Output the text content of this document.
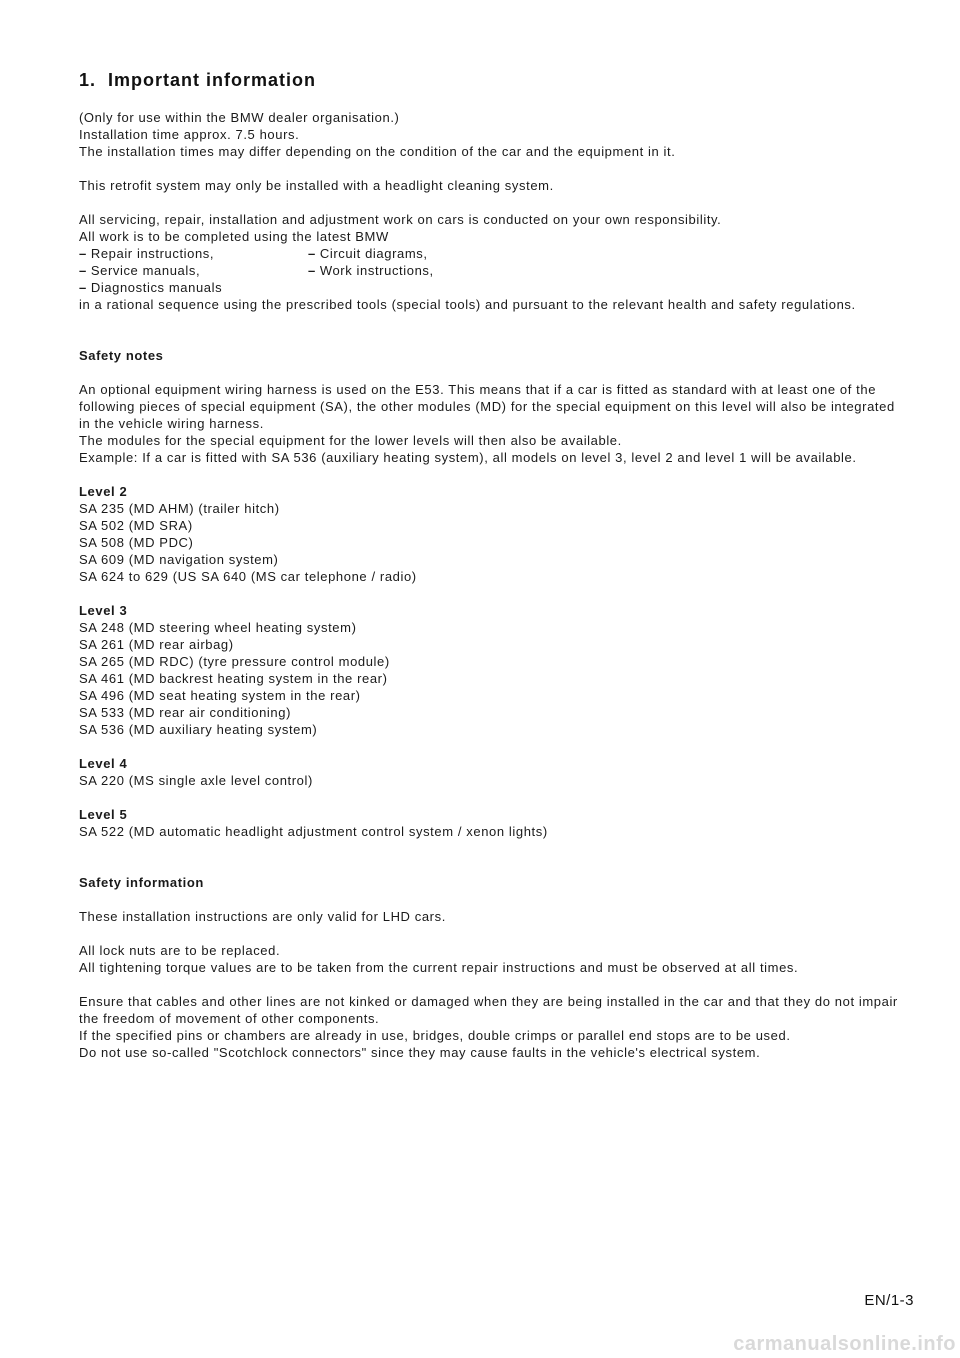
1. Important information
(Only for use within the BMW dealer organisation.)
Installation time approx. 7.5 hours.
The installation times may differ depending on the condition of the car and the equipment in it.
This retrofit system may only be installed with a headlight cleaning system.
All servicing, repair, installation and adjustment work on cars is conducted on your own responsibility.
All work is to be completed using the latest BMW
– Repair instructions,	– Circuit diagrams,
– Service manuals,	– Work instructions,
– Diagnostics manuals
in a rational sequence using the prescribed tools (special tools) and pursuant to the relevant health and safety regulations.
Safety notes
An optional equipment wiring harness is used on the E53. This means that if a car is fitted as standard with at least one of the following pieces of special equipment (SA), the other modules (MD) for the special equipment on this level will also be integrated in the vehicle wiring harness.
The modules for the special equipment for the lower levels will then also be available.
Example: If a car is fitted with SA 536 (auxiliary heating system), all models on level 3, level 2 and level 1 will be available.
Level 2
SA 235 (MD AHM) (trailer hitch)
SA 502 (MD SRA)
SA 508 (MD PDC)
SA 609 (MD navigation system)
SA 624 to 629 (US SA 640 (MS car telephone / radio)
Level 3
SA 248 (MD steering wheel heating system)
SA 261 (MD rear airbag)
SA 265 (MD RDC) (tyre pressure control module)
SA 461 (MD backrest heating system in the rear)
SA 496 (MD seat heating system in the rear)
SA 533 (MD rear air conditioning)
SA 536 (MD auxiliary heating system)
Level 4
SA 220 (MS single axle level control)
Level 5
SA 522 (MD automatic headlight adjustment control system / xenon lights)
Safety information
These installation instructions are only valid for LHD cars.
All lock nuts are to be replaced.
All tightening torque values are to be taken from the current repair instructions and must be observed at all times.
Ensure that cables and other lines are not kinked or damaged when they are being installed in the car and that they do not impair the freedom of movement of other components.
If the specified pins or chambers are already in use, bridges, double crimps or parallel end stops are to be used.
Do not use so-called "Scotchlock connectors" since they may cause faults in the vehicle's electrical system.
EN/1-3
carmanualsonline.info
